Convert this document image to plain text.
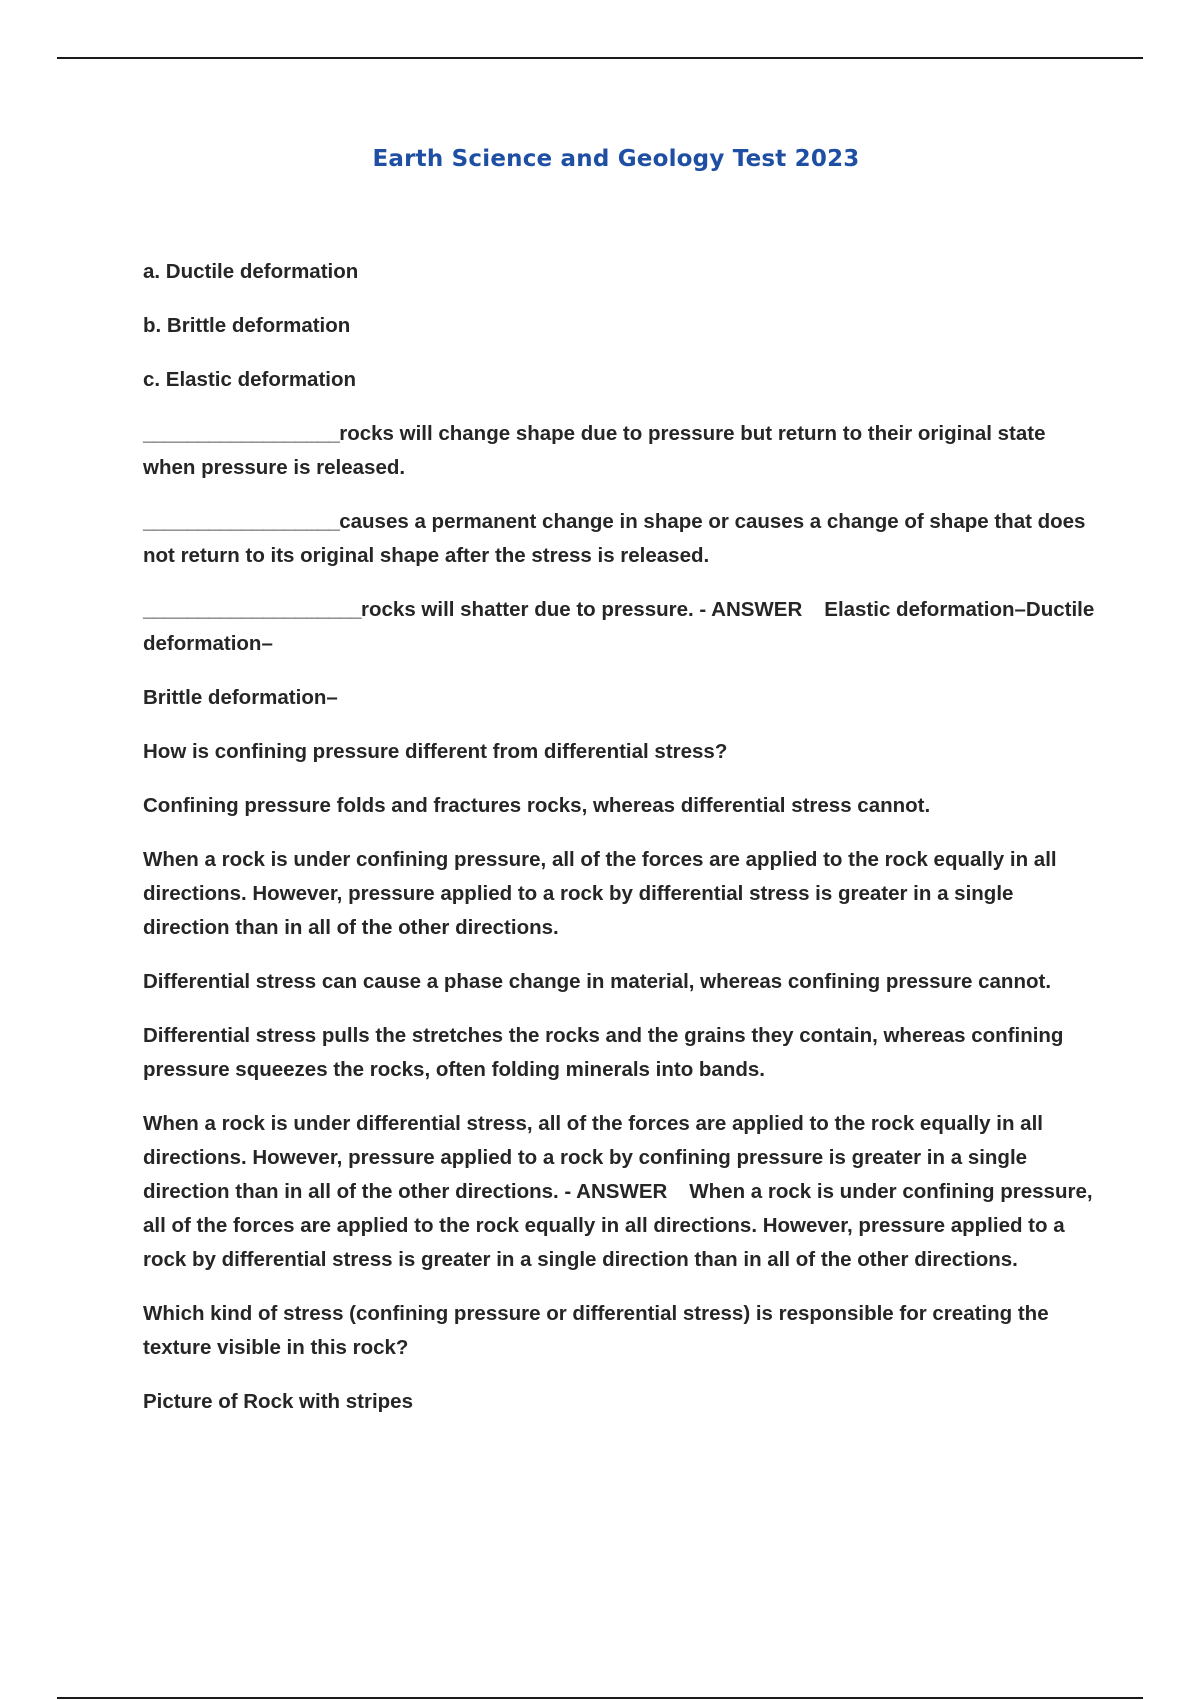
Earth Science and Geology Test 2023

a. Ductile deformation

b. Brittle deformation

c. Elastic deformation

__________________rocks will change shape due to pressure but return to their original state when pressure is released.

__________________causes a permanent change in shape or causes a change of shape that does not return to its original shape after the stress is released.

____________________rocks will shatter due to pressure. - ANSWER Elastic deformation–Ductile deformation–

Brittle deformation–

How is confining pressure different from differential stress?

Confining pressure folds and fractures rocks, whereas differential stress cannot.

When a rock is under confining pressure, all of the forces are applied to the rock equally in all directions. However, pressure applied to a rock by differential stress is greater in a single direction than in all of the other directions.

Differential stress can cause a phase change in material, whereas confining pressure cannot.

Differential stress pulls the stretches the rocks and the grains they contain, whereas confining pressure squeezes the rocks, often folding minerals into bands.

When a rock is under differential stress, all of the forces are applied to the rock equally in all directions. However, pressure applied to a rock by confining pressure is greater in a single direction than in all of the other directions. - ANSWER When a rock is under confining pressure, all of the forces are applied to the rock equally in all directions. However, pressure applied to a rock by differential stress is greater in a single direction than in all of the other directions.

Which kind of stress (confining pressure or differential stress) is responsible for creating the texture visible in this rock?

Picture of Rock with stripes
